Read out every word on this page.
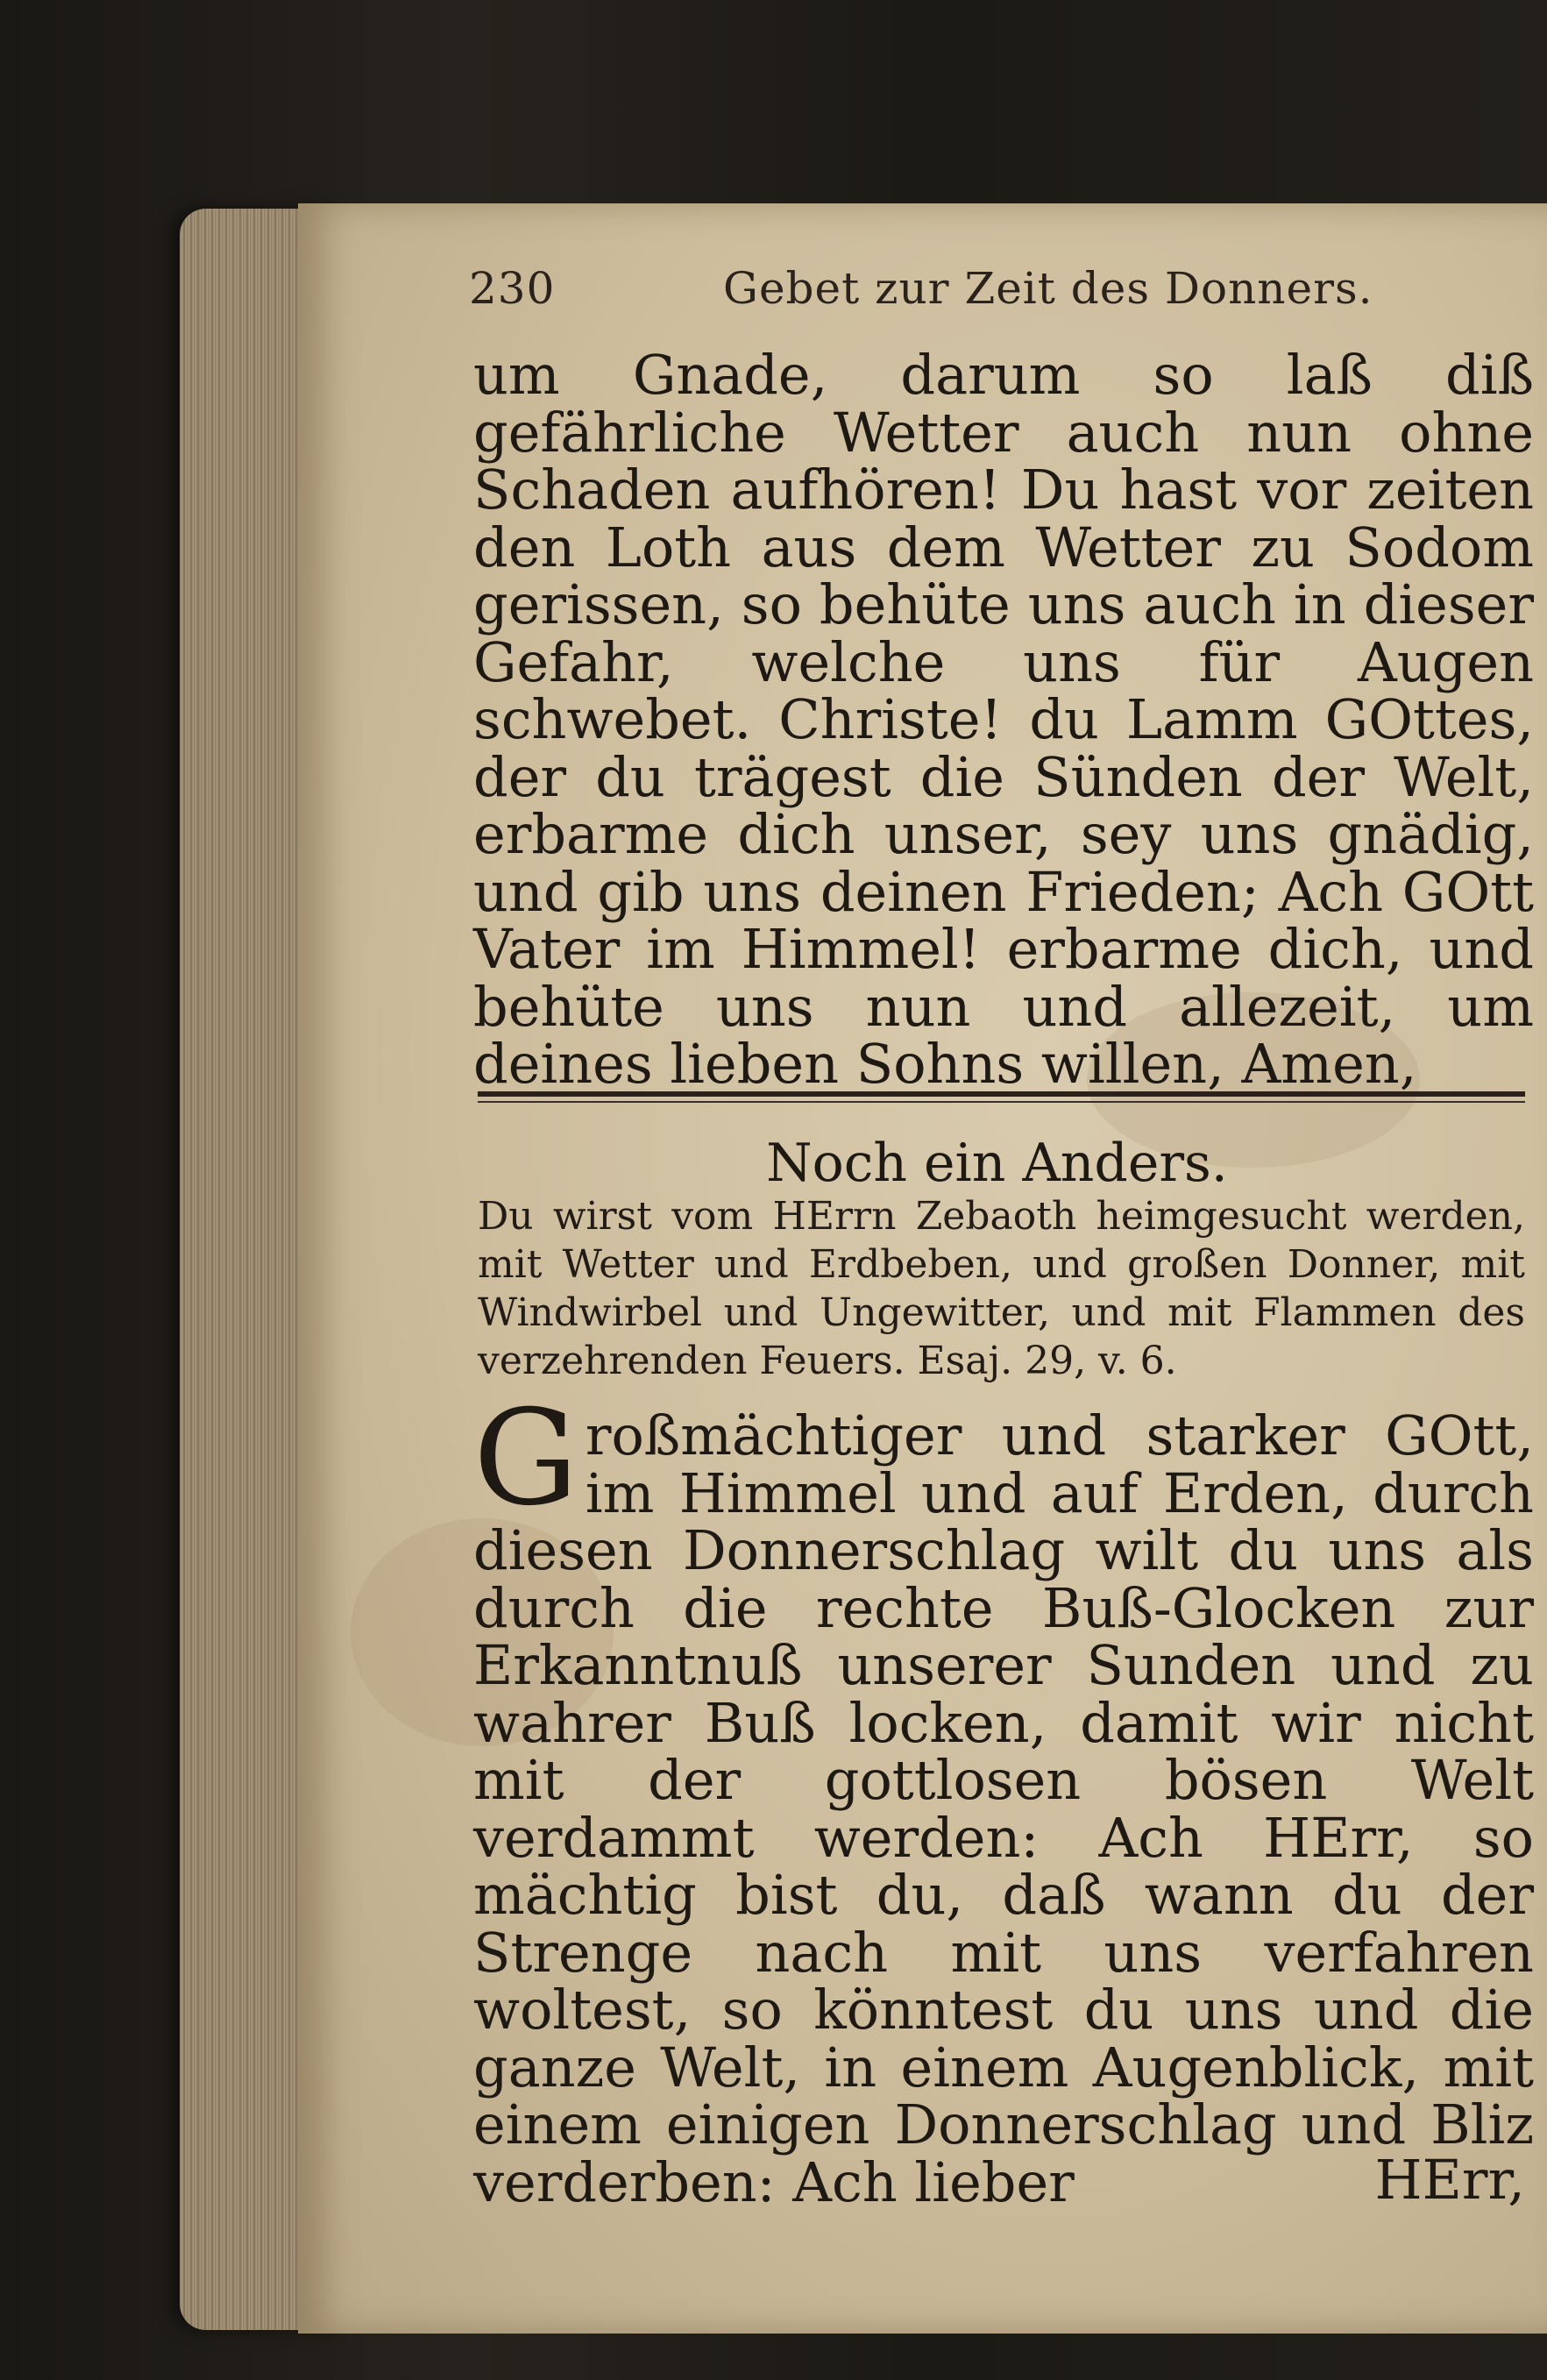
230	Gebet zur Zeit des Donners.
um Gnade, darum so laß diß gefährliche Wetter auch nun ohne Schaden aufhören! Du hast vor zeiten den Loth aus dem Wetter zu Sodom gerissen, so behüte uns auch in dieser Gefahr, welche uns für Augen schwebet. Christe! du Lamm GOttes, der du trägest die Sünden der Welt, erbarme dich unser, sey uns gnädig, und gib uns deinen Frieden; Ach GOtt Vater im Himmel! erbarme dich, und behüte uns nun und allezeit, um deines lieben Sohns willen, Amen,
Noch ein Anders.
Du wirst vom HErrn Zebaoth heimgesucht werden, mit Wetter und Erdbeben, und großen Donner, mit Windwirbel und Ungewitter, und mit Flammen des verzehrenden Feuers. Esaj. 29, v. 6.
Großmächtiger und starker GOtt, im Himmel und auf Erden, durch diesen Donnerschlag wilt du uns als durch die rechte Buß-Glocken zur Erkanntnuß unserer Sunden und zu wahrer Buß locken, damit wir nicht mit der gottlosen bösen Welt verdammt werden: Ach HErr, so mächtig bist du, daß wann du der Strenge nach mit uns verfahren woltest, so könntest du uns und die ganze Welt, in einem Augenblick, mit einem einigen Donnerschlag und Bliz verderben: Ach lieber	HErr,
